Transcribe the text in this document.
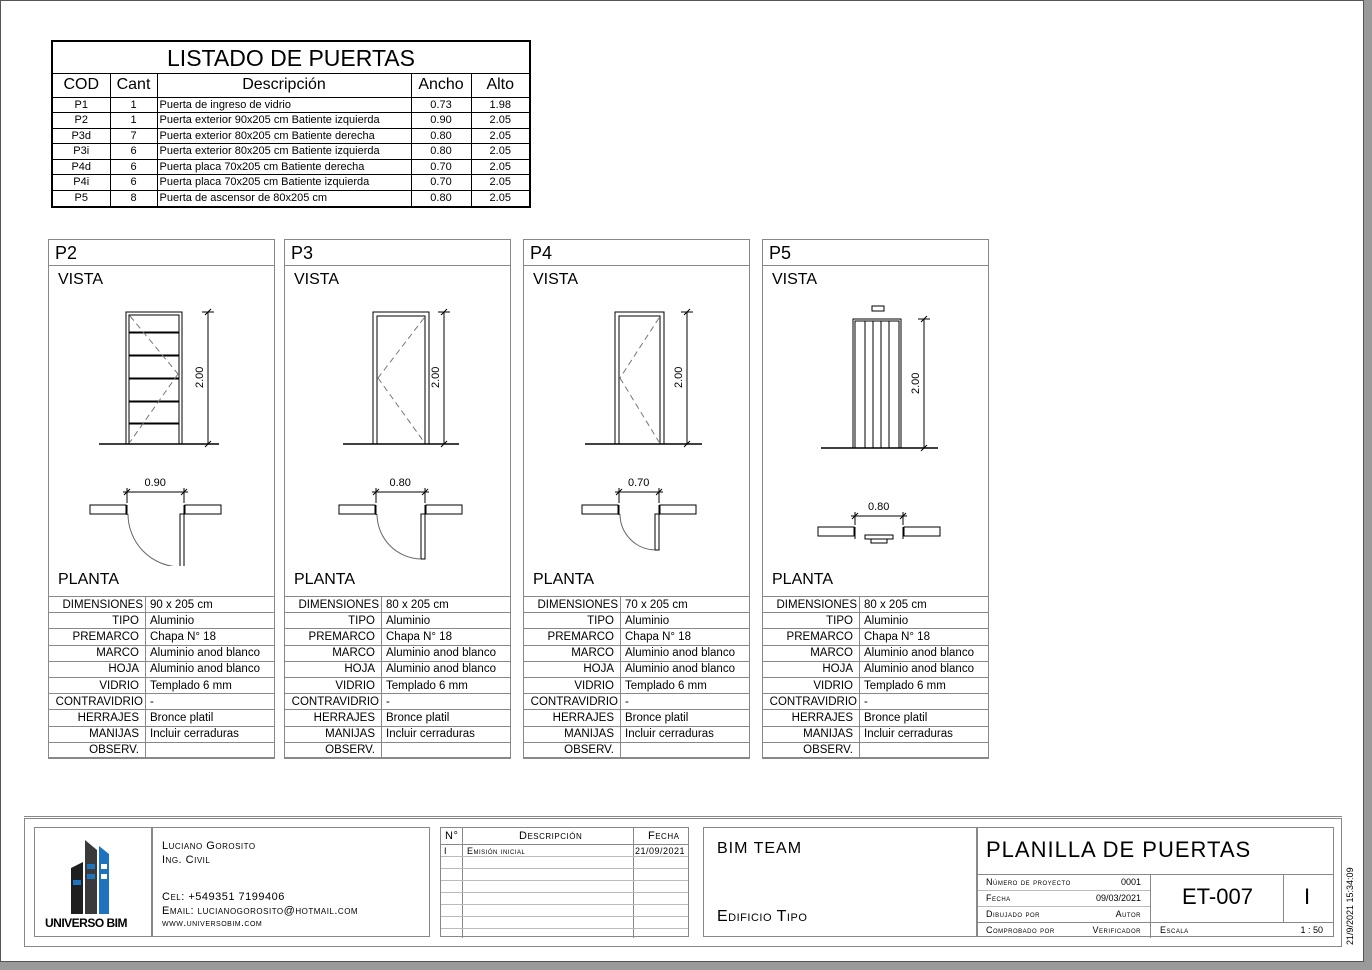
LISTADO DE PUERTAS
COD	Cant	Descripción	Ancho	Alto
P1	1	Puerta de ingreso de vidrio	0.73	1.98
P2	1	Puerta exterior 90x205 cm Batiente izquierda	0.90	2.05
P3d	7	Puerta exterior 80x205 cm Batiente derecha	0.80	2.05
P3i	6	Puerta exterior 80x205 cm Batiente izquierda	0.80	2.05
P4d	6	Puerta placa 70x205 cm Batiente derecha	0.70	2.05
P4i	6	Puerta placa 70x205 cm Batiente izquierda	0.70	2.05
P5	8	Puerta de ascensor de 80x205 cm	0.80	2.05
P2
VISTA
2.00
0.90
PLANTA
DIMENSIONES	90 x 205 cm
TIPO	Aluminio
PREMARCO	Chapa N° 18
MARCO	Aluminio anod blanco
HOJA	Aluminio anod blanco
VIDRIO	Templado 6 mm
CONTRAVIDRIO	-
HERRAJES	Bronce platil
MANIJAS	Incluir cerraduras
OBSERV.	
P3
VISTA
2.00
0.80
PLANTA
DIMENSIONES	80 x 205 cm
TIPO	Aluminio
PREMARCO	Chapa N° 18
MARCO	Aluminio anod blanco
HOJA	Aluminio anod blanco
VIDRIO	Templado 6 mm
CONTRAVIDRIO	-
HERRAJES	Bronce platil
MANIJAS	Incluir cerraduras
OBSERV.	
P4
VISTA
2.00
0.70
PLANTA
DIMENSIONES	70 x 205 cm
TIPO	Aluminio
PREMARCO	Chapa N° 18
MARCO	Aluminio anod blanco
HOJA	Aluminio anod blanco
VIDRIO	Templado 6 mm
CONTRAVIDRIO	-
HERRAJES	Bronce platil
MANIJAS	Incluir cerraduras
OBSERV.	
P5
VISTA
2.00
0.80
PLANTA
DIMENSIONES	80 x 205 cm
TIPO	Aluminio
PREMARCO	Chapa N° 18
MARCO	Aluminio anod blanco
HOJA	Aluminio anod blanco
VIDRIO	Templado 6 mm
CONTRAVIDRIO	-
HERRAJES	Bronce platil
MANIJAS	Incluir cerraduras
OBSERV.	
UNIVERSO BIM
Luciano Gorosito
Ing. Civil
Cel: +549351 7199406
Email: lucianogorosito@hotmail.com
www.universobim.com
N°	Descripción	Fecha
I Emisión inicial	21/09/2021 BIM TEAM
Edificio Tipo
PLANILLA DE PUERTAS
Número de proyecto	0001
Fecha	09/03/2021
Dibujado por	Autor
Comprobado por	Verificador
ET-007 I
Escala	1 : 50 21/9/2021 15:34:09
